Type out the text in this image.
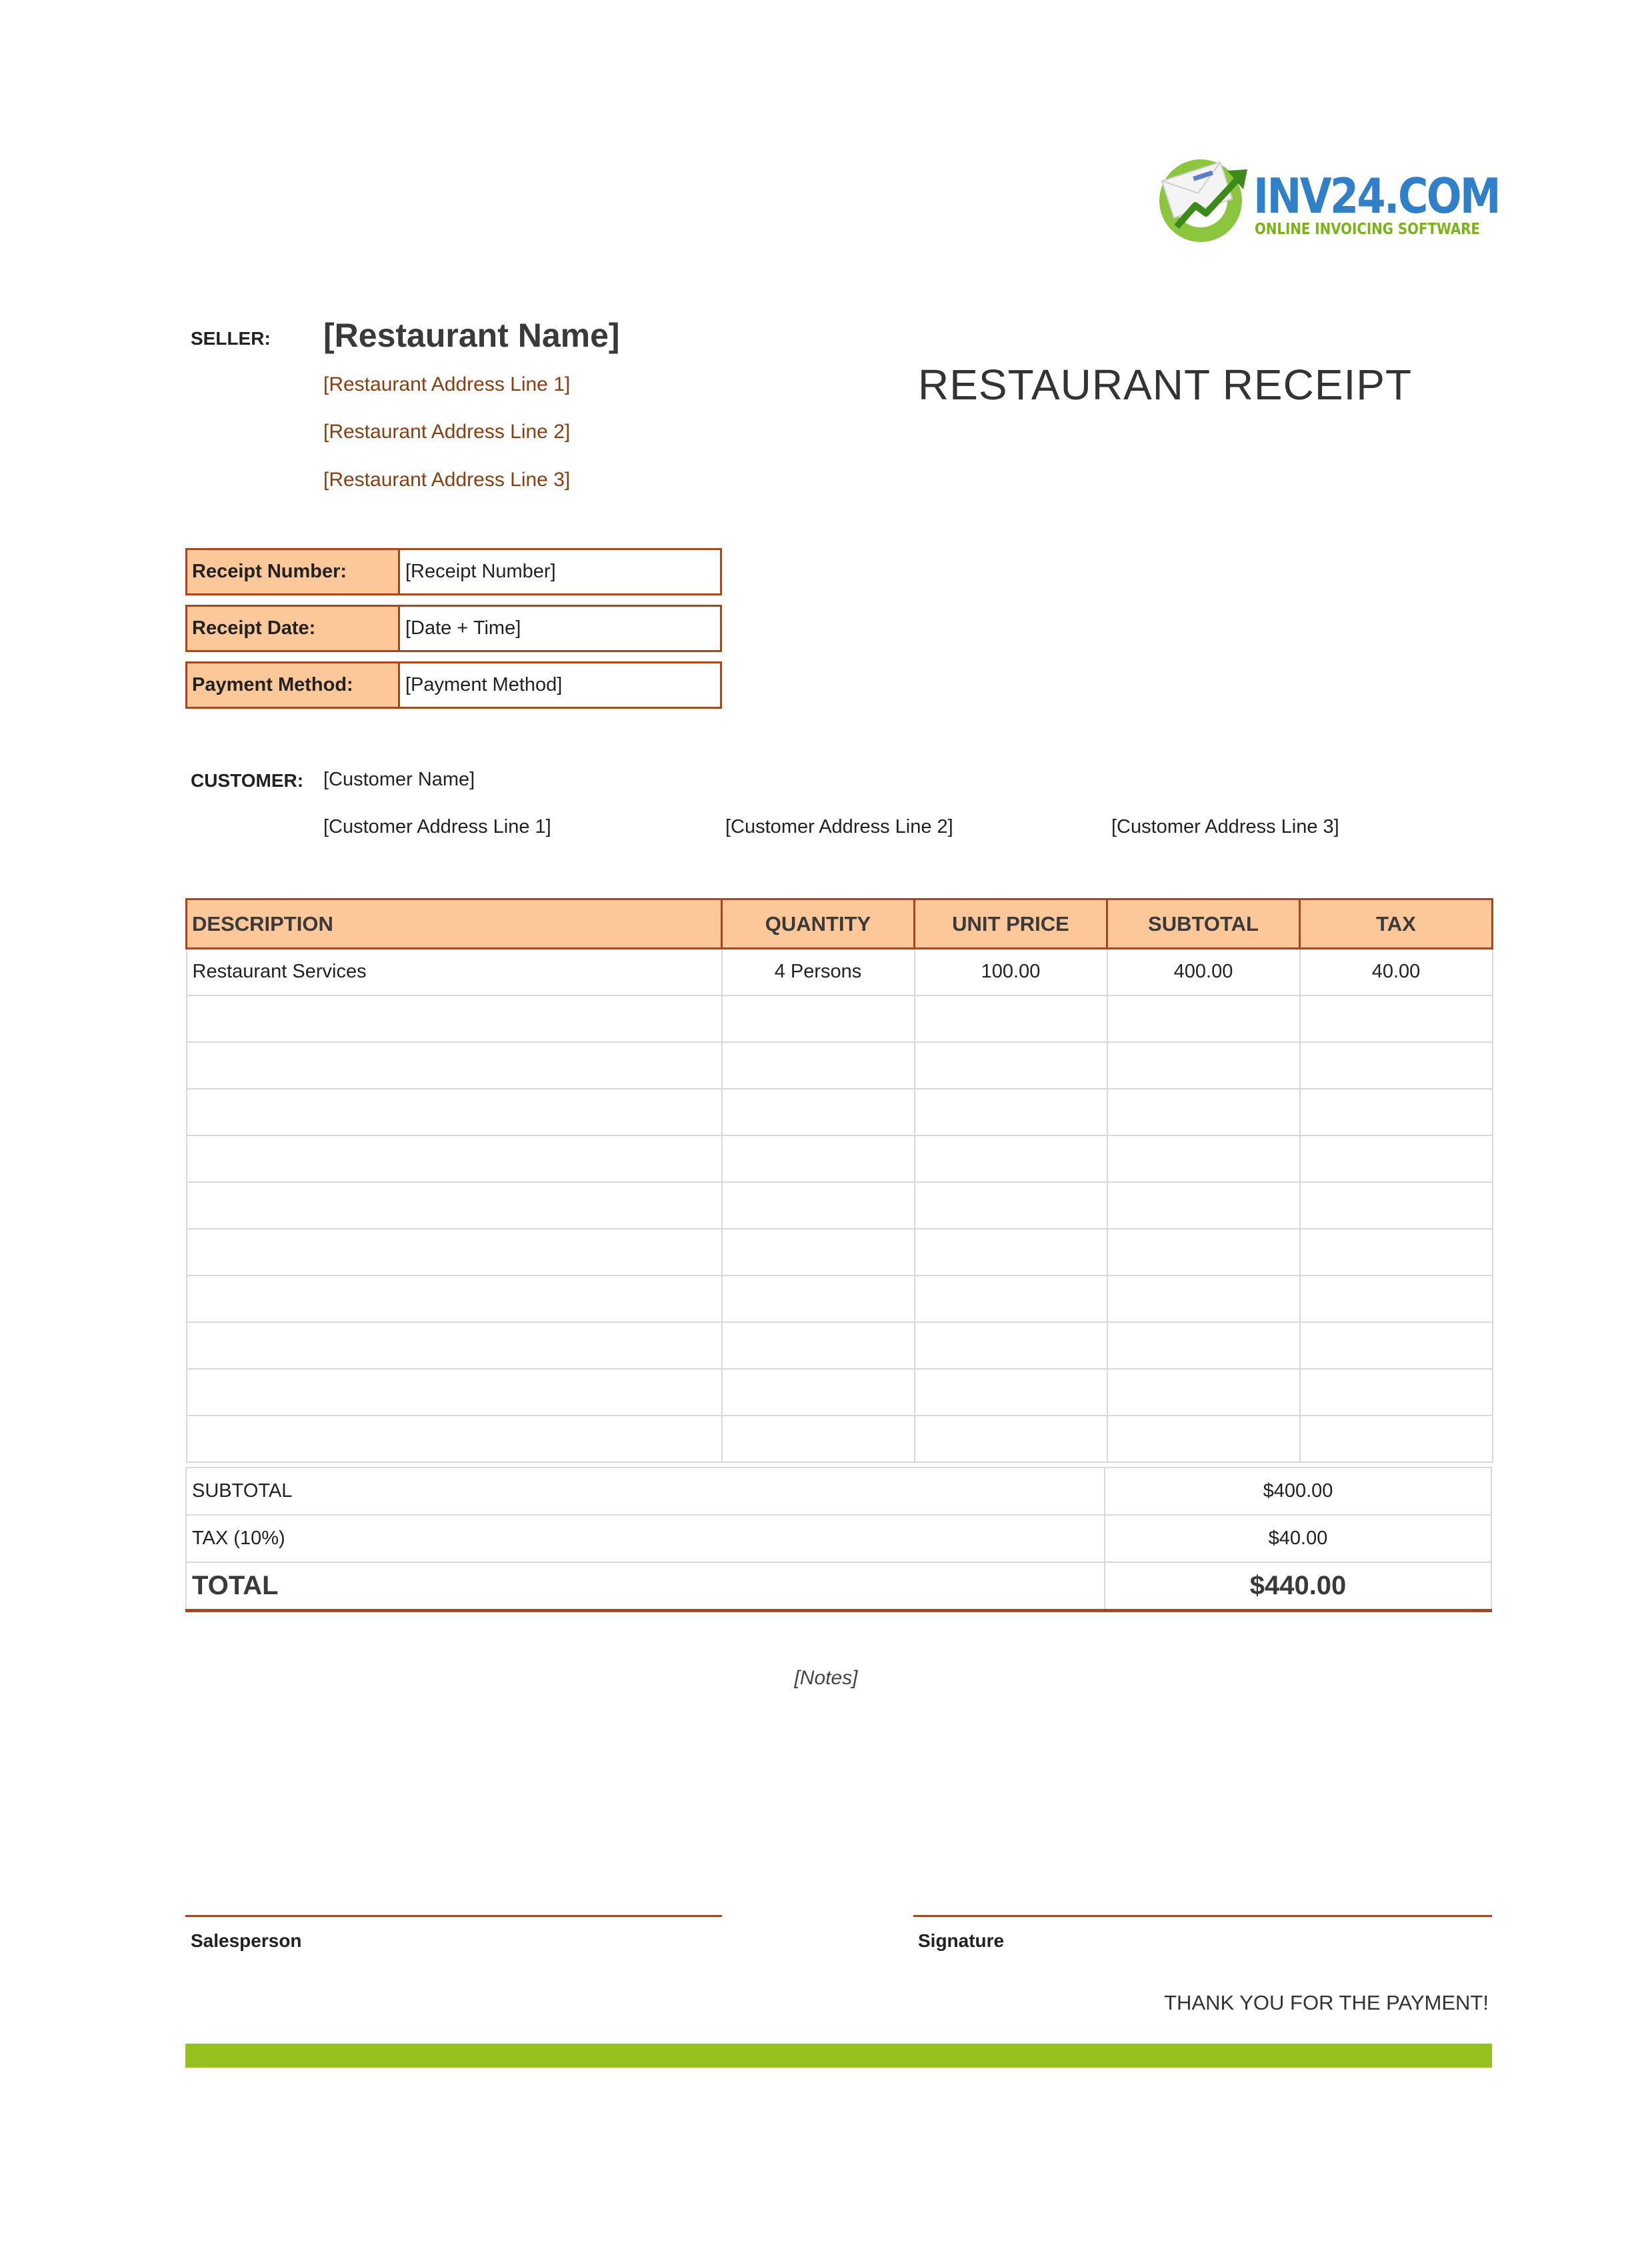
INV24.COM
ONLINE INVOICING SOFTWARE
SELLER: [Restaurant Name]
[Restaurant Address Line 1]
[Restaurant Address Line 2]
[Restaurant Address Line 3]
RESTAURANT RECEIPT
Receipt Number:	[Receipt Number]
Receipt Date:	[Date + Time]
Payment Method:	[Payment Method]
CUSTOMER: [Customer Name]
[Customer Address Line 1]	[Customer Address Line 2]	[Customer Address Line 3]
DESCRIPTION	QUANTITY	UNIT PRICE	SUBTOTAL	TAX
Restaurant Services	4 Persons	100.00	400.00	40.00

SUBTOTAL	$400.00
TAX (10%)	$40.00
TOTAL	$440.00
[Notes]
Salesperson	Signature
THANK YOU FOR THE PAYMENT!
